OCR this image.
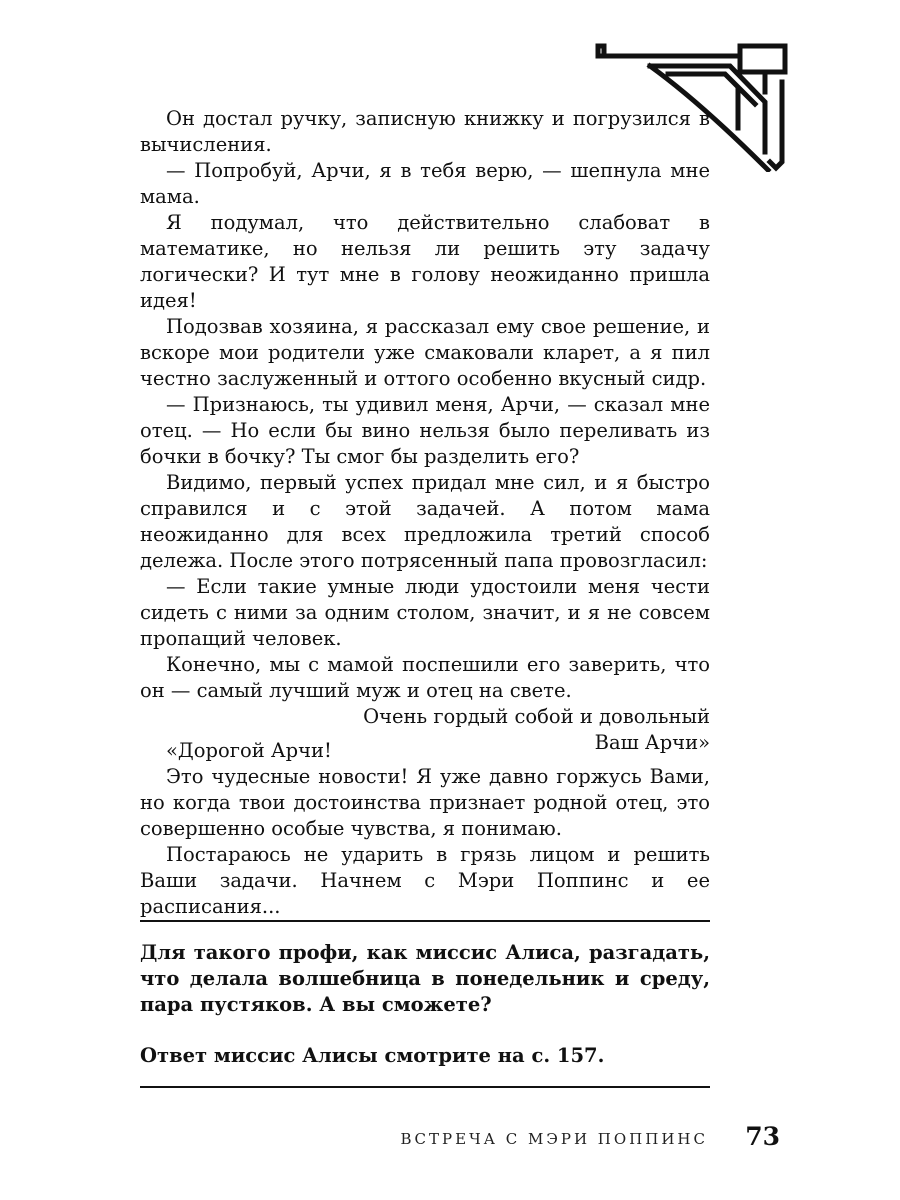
Он достал ручку, записную книжку и погрузился в вычисления.

— Попробуй, Арчи, я в тебя верю, — шепнула мне мама.

Я подумал, что действительно слабоват в математике, но нельзя ли решить эту задачу логически? И тут мне в голову неожиданно пришла идея!

Подозвав хозяина, я рассказал ему свое решение, и вскоре мои родители уже смаковали кларет, а я пил честно заслуженный и оттого особенно вкусный сидр.

— Признаюсь, ты удивил меня, Арчи, — сказал мне отец. — Но если бы вино нельзя было переливать из бочки в бочку? Ты смог бы разделить его?

Видимо, первый успех придал мне сил, и я быстро справился и с этой задачей. А потом мама неожиданно для всех предложила третий способ дележа. После этого потрясенный папа провозгласил:

— Если такие умные люди удостоили меня чести сидеть с ними за одним столом, значит, и я не совсем пропащий человек.

Конечно, мы с мамой поспешили его заверить, что он — самый лучший муж и отец на свете.

Очень гордый собой и довольный

Ваш Арчи»

«Дорогой Арчи!

Это чудесные новости! Я уже давно горжусь Вами, но когда твои достоинства признает родной отец, это совершенно особые чувства, я понимаю.

Постараюсь не ударить в грязь лицом и решить Ваши задачи. Начнем с Мэри Поппинс и ее расписания...

Для такого профи, как миссис Алиса, разгадать, что делала волшебница в понедельник и среду, пара пустяков. А вы сможете?

Ответ миссис Алисы смотрите на с. 157.

ВСТРЕЧА С МЭРИ ПОППИНС 73
